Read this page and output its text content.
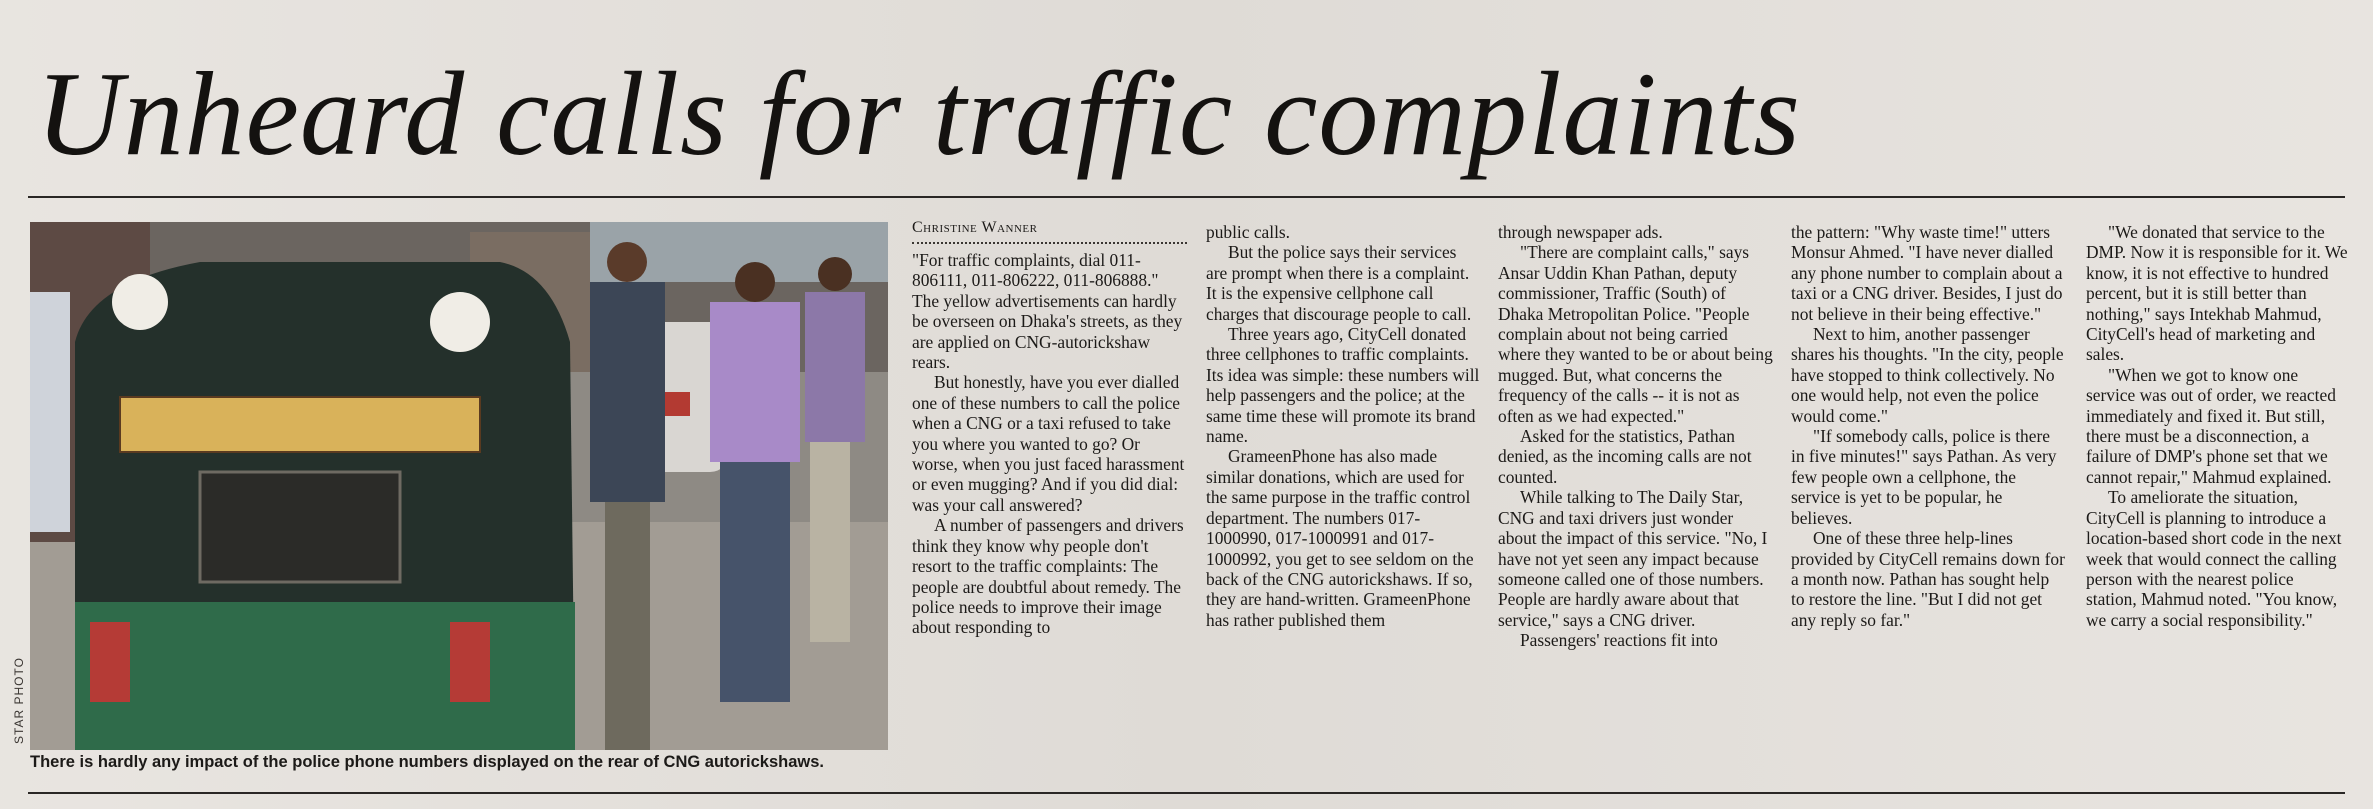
Unheard calls for traffic complaints
STAR PHOTO
There is hardly any impact of the police phone numbers displayed on the rear of CNG autorickshaws.
Christine Wanner

"For traffic complaints, dial 011-806111, 011-806222, 011-806888." The yellow advertisements can hardly be overseen on Dhaka's streets, as they are applied on CNG-autorickshaw rears.

But honestly, have you ever dialled one of these numbers to call the police when a CNG or a taxi refused to take you where you wanted to go? Or worse, when you just faced harassment or even mugging? And if you did dial: was your call answered?

A number of passengers and drivers think they know why people don't resort to the traffic complaints: The people are doubtful about remedy. The police needs to improve their image about responding to

public calls.

But the police says their services are prompt when there is a complaint. It is the expensive cellphone call charges that discourage people to call.

Three years ago, CityCell donated three cellphones to traffic complaints. Its idea was simple: these numbers will help passengers and the police; at the same time these will promote its brand name.

GrameenPhone has also made similar donations, which are used for the same purpose in the traffic control department. The numbers 017-1000990, 017-1000991 and 017-1000992, you get to see seldom on the back of the CNG autorickshaws. If so, they are hand-written. GrameenPhone has rather published them

through newspaper ads.

"There are complaint calls," says Ansar Uddin Khan Pathan, deputy commissioner, Traffic (South) of Dhaka Metropolitan Police. "People complain about not being carried where they wanted to be or about being mugged. But, what concerns the frequency of the calls -- it is not as often as we had expected."

Asked for the statistics, Pathan denied, as the incoming calls are not counted.

While talking to The Daily Star, CNG and taxi drivers just wonder about the impact of this service. "No, I have not yet seen any impact because someone called one of those numbers. People are hardly aware about that service," says a CNG driver.

Passengers' reactions fit into

the pattern: "Why waste time!" utters Monsur Ahmed. "I have never dialled any phone number to complain about a taxi or a CNG driver. Besides, I just do not believe in their being effective."

Next to him, another passenger shares his thoughts. "In the city, people have stopped to think collectively. No one would help, not even the police would come."

"If somebody calls, police is there in five minutes!" says Pathan. As very few people own a cellphone, the service is yet to be popular, he believes.

One of these three help-lines provided by CityCell remains down for a month now. Pathan has sought help to restore the line. "But I did not get any reply so far."

"We donated that service to the DMP. Now it is responsible for it. We know, it is not effective to hundred percent, but it is still better than nothing," says Intekhab Mahmud, CityCell's head of marketing and sales.

"When we got to know one service was out of order, we reacted immediately and fixed it. But still, there must be a disconnection, a failure of DMP's phone set that we cannot repair," Mahmud explained.

To ameliorate the situation, CityCell is planning to introduce a location-based short code in the next week that would connect the calling person with the nearest police station, Mahmud noted. "You know, we carry a social responsibility."
